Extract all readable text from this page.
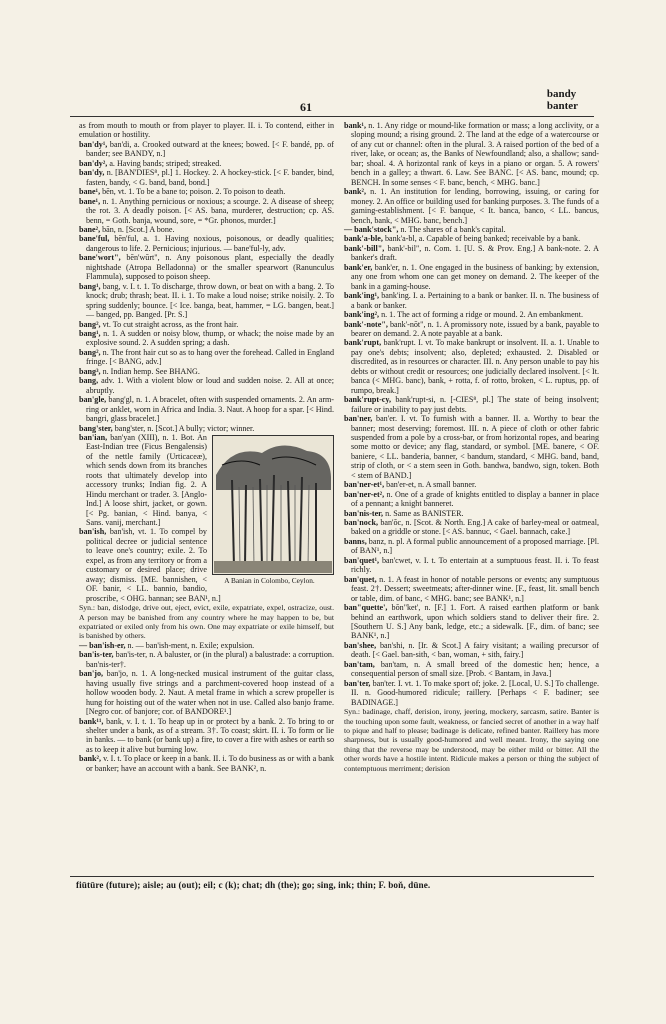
61
bandy
banter

as from mouth to mouth or from player to player. II. i. To contend, either in emulation or hostility.

ban'dy¹, ban'di, a. Crooked outward at the knees; bowed. [< F. bandé, pp. of bander; see BANDY, n.]

ban'dy², a. Having bands; striped; streaked.

ban'dy, n. [BAN'DIES⁸, pl.] 1. Hockey. 2. A hockey-stick. [< F. bander, bind, fasten, bandy, < G. band, band, bond.]

bane¹, bēn, vt. 1. To be a bane to; poison. 2. To poison to death.

bane¹, n. 1. Anything pernicious or noxious; a scourge. 2. A disease of sheep; the rot. 3. A deadly poison. [< AS. bana, murderer, destruction; cp. AS. benn, = Goth. banja, wound, sore, = *Gr. phonos, murder.]

bane², bān, n. [Scot.] A bone.

bane'ful, bēn'ful, a. 1. Having noxious, poisonous, or deadly qualities; dangerous to life. 2. Pernicious; injurious. — bane'ful-ly, adv.

bane'wort", bēn'wūrt", n. Any poisonous plant, especially the deadly nightshade (Atropa Belladonna) or the smaller spearwort (Ranunculus Flammula), supposed to poison sheep.

bang¹, bang, v. I. t. 1. To discharge, throw down, or beat on with a bang. 2. To knock; drub; thrash; beat. II. i. 1. To make a loud noise; strike noisily. 2. To spring suddenly; bounce. [< Ice. banga, beat, hammer, = LG. bangen, beat.] — banged, pp. Banged. [Pr. S.]

bang², vt. To cut straight across, as the front hair.

bang¹, n. 1. A sudden or noisy blow, thump, or whack; the noise made by an explosive sound. 2. A sudden spring; a dash.

bang², n. The front hair cut so as to hang over the forehead. Called in England fringe. [< BANG, adv.]

bang³, n. Indian hemp. See BHANG.

bang, adv. 1. With a violent blow or loud and sudden noise. 2. All at once; abruptly.

ban'gle, bang'gl, n. 1. A bracelet, often with suspended ornaments. 2. An arm-ring or anklet, worn in Africa and India. 3. Naut. A hoop for a spar. [< Hind. bangri, glass bracelet.]

bang'ster, bang'ster, n. [Scot.] A bully; victor; winner.

ban'ian,
A Banian in Colombo, Ceylon.
ban'yan (XIII), n. 1. Bot. An East-Indian tree (Ficus Bengalensis) of the nettle family (Urticaceæ), which sends down from its branches roots that ultimately develop into accessory trunks; Indian fig. 2. A Hindu merchant or trader. 3. [Anglo-Ind.] A loose shirt, jacket, or gown. [< Pg. banian, < Hind. banya, < Sans. vanij, merchant.]

ban'ish, ban'ish, vt. 1. To compel by political decree or judicial sentence to leave one's country; exile. 2. To expel, as from any territory or from a customary or desired place; drive away; dismiss. [ME. bannishen, < OF. banir, < LL. bannio, bandio, proscribe, < OHG. bannan; see BAN¹, n.]

Syn.: ban, dislodge, drive out, eject, evict, exile, expatriate, expel, ostracize, oust. A person may be banished from any country where he may happen to be, but expatriated or exiled only from his own. One may expatriate or exile himself, but is banished by others.

— ban'ish-er, n. — ban'ish-ment, n. Exile; expulsion.

ban'is-ter, ban'is-ter, n. A baluster, or (in the plural) a balustrade: a corruption. ban'nis-ter†.

ban'jo, ban'jo, n. 1. A long-necked musical instrument of the guitar class, having usually five strings and a parchment-covered hoop instead of a hollow wooden body. 2. Naut. A metal frame in which a screw propeller is hung for hoisting out of the water when not in use. Called also banjo frame. [Negro cor. of banjore; cor. of BANDORE¹.]

bank¹¹, bank, v. I. t. 1. To heap up in or protect by a bank. 2. To bring to or shelter under a bank, as of a stream. 3†. To coast; skirt. II. i. To form or lie in banks. — to bank (or bank up) a fire, to cover a fire with ashes or earth so as to keep it alive but burning low.

bank², v. I. t. To place or keep in a bank. II. i. To do business as or with a bank or banker; have an account with a bank. See BANK², n.

bank¹, n. 1. Any ridge or mound-like formation or mass; a long acclivity, or a sloping mound; a rising ground. 2. The land at the edge of a watercourse or of any cut or channel: often in the plural. 3. A raised portion of the bed of a river, lake, or ocean; as, the Banks of Newfoundland; also, a shallow; sand-bar; shoal. 4. A horizontal rank of keys in a piano or organ. 5. A rowers' bench in a galley; a thwart. 6. Law. See BANC. [< AS. banc, mound; cp. BENCH. In some senses < F. banc, bench, < MHG. banc.]

bank², n. 1. An institution for lending, borrowing, issuing, or caring for money. 2. An office or building used for banking purposes. 3. The funds of a gaming-establishment. [< F. banque, < It. banca, banco, < LL. bancus, bench, bank, < MHG. banc, bench.]

— bank'stock", n. The shares of a bank's capital.

bank'a-ble, bank'a-bl, a. Capable of being banked; receivable by a bank.

bank'-bill", bank'-bil", n. Com. 1. [U. S. & Prov. Eng.] A bank-note. 2. A banker's draft.

bank'er, bank'er, n. 1. One engaged in the business of banking; by extension, any one from whom one can get money on demand. 2. The keeper of the bank in a gaming-house.

bank'ing¹, bank'ing. I. a. Pertaining to a bank or banker. II. n. The business of a bank or banker.

bank'ing², n. 1. The act of forming a ridge or mound. 2. An embankment.

bank'-note", bank'-nōt", n. 1. A promissory note, issued by a bank, payable to bearer on demand. 2. A note payable at a bank.

bank'rupt, bank'rupt. I. vt. To make bankrupt or insolvent. II. a. 1. Unable to pay one's debts; insolvent; also, depleted; exhausted. 2. Disabled or discredited, as in resources or character. III. n. Any person unable to pay his debts or without credit or resources; one judicially declared insolvent. [< It. banca (< MHG. banc), bank, + rotta, f. of rotto, broken, < L. ruptus, pp. of rumpo, break.]

bank'rupt-cy, bank'rupt-si, n. [-CIES⁸, pl.] The state of being insolvent; failure or inability to pay just debts.

ban'ner, ban'er. I. vt. To furnish with a banner. II. a. Worthy to bear the banner; most deserving; foremost. III. n. A piece of cloth or other fabric suspended from a pole by a cross-bar, or from horizontal ropes, and bearing some motto or device; any flag, standard, or symbol. [ME. banere, < OF. baniere, < LL. banderia, banner, < bandum, standard, < MHG. band, band, strip of cloth, or < a stem seen in Goth. bandwa, bandwo, sign, token. Both < stem of BAND.]

ban'ner-et¹, ban'er-et, n. A small banner.

ban'ner-et², n. One of a grade of knights entitled to display a banner in place of a pennant; a knight banneret.

ban'nis-ter, n. Same as BANISTER.

ban'nock, ban'ŏc, n. [Scot. & North. Eng.] A cake of barley-meal or oatmeal, baked on a griddle or stone. [< AS. bannuc, < Gael. bannach, cake.]

banns, banz, n. pl. A formal public announcement of a proposed marriage. [Pl. of BAN¹, n.]

ban'quet¹, ban'cwet, v. I. t. To entertain at a sumptuous feast. II. i. To feast richly.

ban'quet, n. 1. A feast in honor of notable persons or events; any sumptuous feast. 2†. Dessert; sweetmeats; after-dinner wine. [F., feast, lit. small bench or table, dim. of banc, < MHG. banc; see BANK¹, n.]

ban"quette', bŏn"ket', n. [F.] 1. Fort. A raised earthen platform or bank behind an earthwork, upon which soldiers stand to deliver their fire. 2. [Southern U. S.] Any bank, ledge, etc.; a sidewalk. [F., dim. of banc; see BANK¹, n.]

ban'shee, ban'shi, n. [Ir. & Scot.] A fairy visitant; a wailing precursor of death. [< Gael. ban-sith, < ban, woman, + sith, fairy.]

ban'tam, ban'tam, n. A small breed of the domestic hen; hence, a consequential person of small size. [Prob. < Bantam, in Java.]

ban'ter, ban'ter. I. vt. 1. To make sport of; joke. 2. [Local, U. S.] To challenge. II. n. Good-humored ridicule; raillery. [Perhaps < F. badiner; see BADINAGE.]

Syn.: badinage, chaff, derision, irony, jeering, mockery, sarcasm, satire. Banter is the touching upon some fault, weakness, or fancied secret of another in a way half to pique and half to please; badinage is delicate, refined banter. Raillery has more sharpness, but is usually good-humored and well meant. Irony, the saying one thing that the reverse may be understood, may be either mild or bitter. All the other words have a hostile intent. Ridicule makes a person or thing the subject of contemptuous merriment; derision

fiūtūre (future); aisle; au (out); eil; c (k); chat; dh (the); go; sing, ink; thin; F. boň, dūne.
